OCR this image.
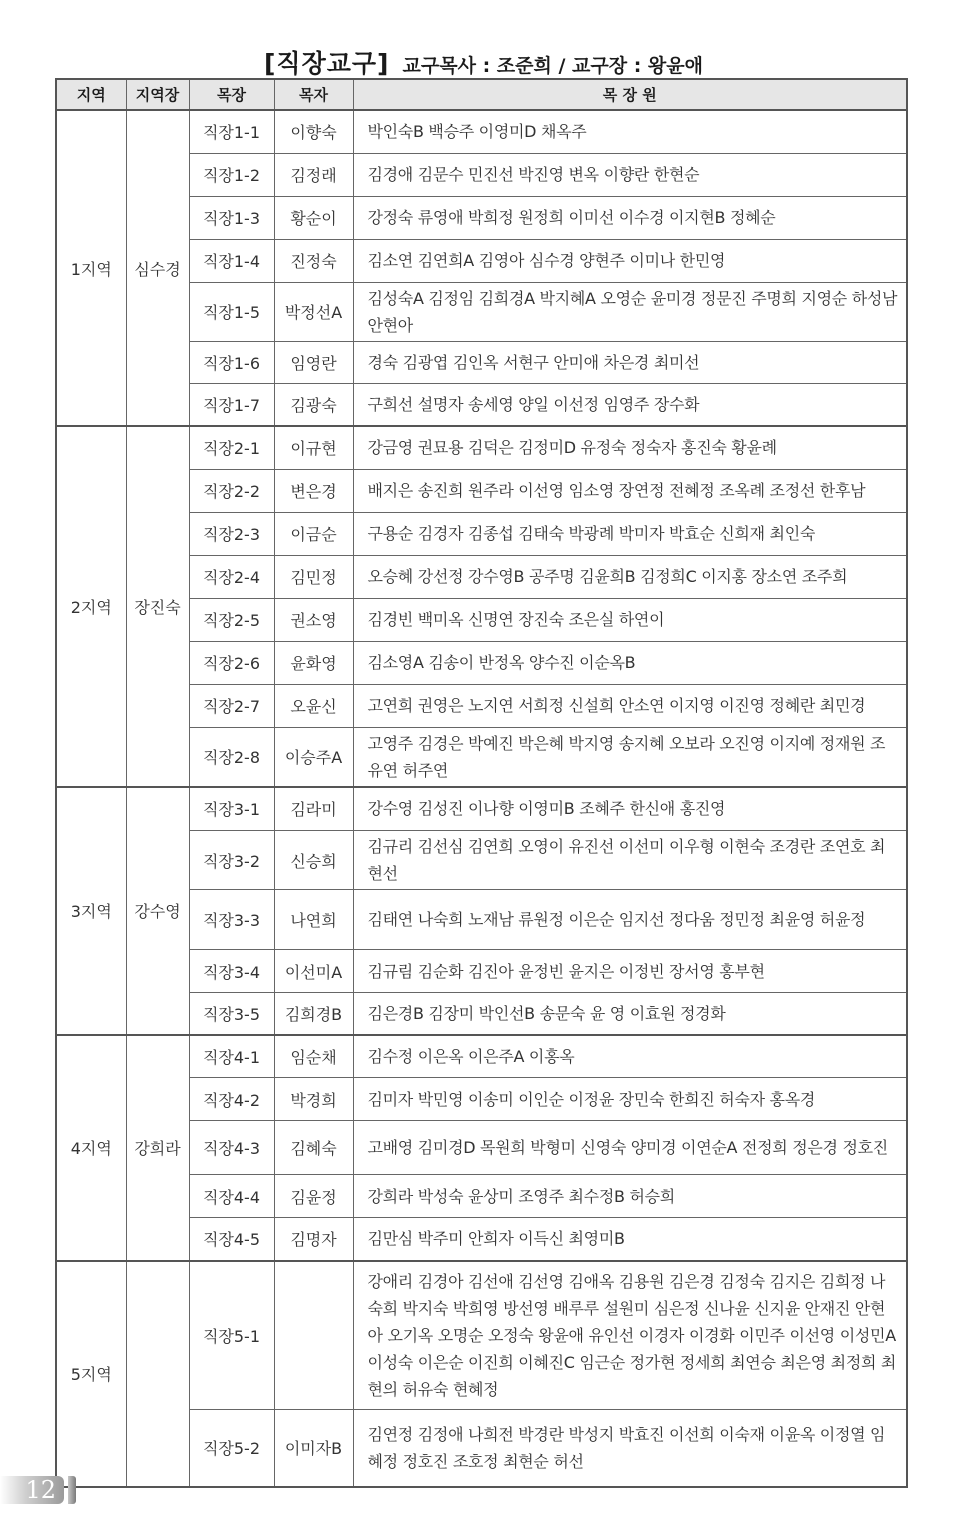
[직장교구] 교구목사 : 조준희 / 교구장 : 왕윤애
지역	지역장	목장	목자	목 장 원
1지역	심수경	직장1-1	이향숙	박인숙B 백승주 이영미D 채옥주
		직장1-2	김정래	김경애 김문수 민진선 박진영 변옥 이향란 한현순
		직장1-3	황순이	강정숙 류영애 박희정 원정희 이미선 이수경 이지현B 정혜순
		직장1-4	진정숙	김소연 김연희A 김영아 심수경 양현주 이미나 한민영
		직장1-5	박정선A	김성숙A 김정임 김희경A 박지혜A 오영순 윤미경 정문진 주명희 지영순 하성남 안현아
		직장1-6	임영란	경숙 김광엽 김인옥 서현구 안미애 차은경 최미선
		직장1-7	김광숙	구희선 설명자 송세영 양일 이선정 임영주 장수화
2지역	장진숙	직장2-1	이규현	강금영 권묘용 김덕은 김정미D 유정숙 정숙자 홍진숙 황윤례
		직장2-2	변은경	배지은 송진희 원주라 이선영 임소영 장연정 전혜정 조옥례 조정선 한후남
		직장2-3	이금순	구용순 김경자 김종섭 김태숙 박광례 박미자 박효순 신희재 최인숙
		직장2-4	김민정	오승혜 강선정 강수영B 공주명 김윤희B 김정희C 이지홍 장소연 조주희
		직장2-5	권소영	김경빈 백미옥 신명연 장진숙 조은실 하연이
		직장2-6	윤화영	김소영A 김송이 반정옥 양수진 이순옥B
		직장2-7	오윤신	고연희 권영은 노지연 서희정 신설희 안소연 이지영 이진영 정혜란 최민경
		직장2-8	이승주A	고영주 김경은 박예진 박은혜 박지영 송지혜 오보라 오진영 이지예 정재원 조유연 허주연
3지역	강수영	직장3-1	김라미	강수영 김성진 이나향 이영미B 조혜주 한신애 홍진영
		직장3-2	신승희	김규리 김선심 김연희 오영이 유진선 이선미 이우형 이현숙 조경란 조연호 최현선
		직장3-3	나연희	김태연 나숙희 노재남 류원정 이은순 임지선 정다움 정민정 최윤영 허윤정
		직장3-4	이선미A	김규림 김순화 김진아 윤정빈 윤지은 이정빈 장서영 홍부현
		직장3-5	김희경B	김은경B 김장미 박인선B 송문숙 윤 영 이효원 정경화
4지역	강희라	직장4-1	임순채	김수정 이은옥 이은주A 이홍옥
		직장4-2	박경희	김미자 박민영 이송미 이인순 이정윤 장민숙 한희진 허숙자 홍옥경
		직장4-3	김혜숙	고배영 김미경D 목원희 박형미 신영숙 양미경 이연순A 전정희 정은경 정호진
		직장4-4	김윤정	강희라 박성숙 윤상미 조영주 최수정B 허승희
		직장4-5	김명자	김만심 박주미 안희자 이득신 최영미B
5지역		직장5-1		강애리 김경아 김선애 김선영 김애옥 김용원 김은경 김정숙 김지은 김희정 나숙희 박지숙 박희영 방선영 배루루 설원미 심은정 신나윤 신지윤 안재진 안현아 오기옥 오명순 오정숙 왕윤애 유인선 이경자 이경화 이민주 이선영 이성민A 이성숙 이은순 이진희 이혜진C 임근순 정가현 정세희 최연승 최은영 최정희 최현의 허유숙 현혜정
		직장5-2	이미자B	김연정 김정애 나희전 박경란 박성지 박효진 이선희 이숙재 이윤옥 이정열 임혜정 정호진 조호정 최현순 허선
12
